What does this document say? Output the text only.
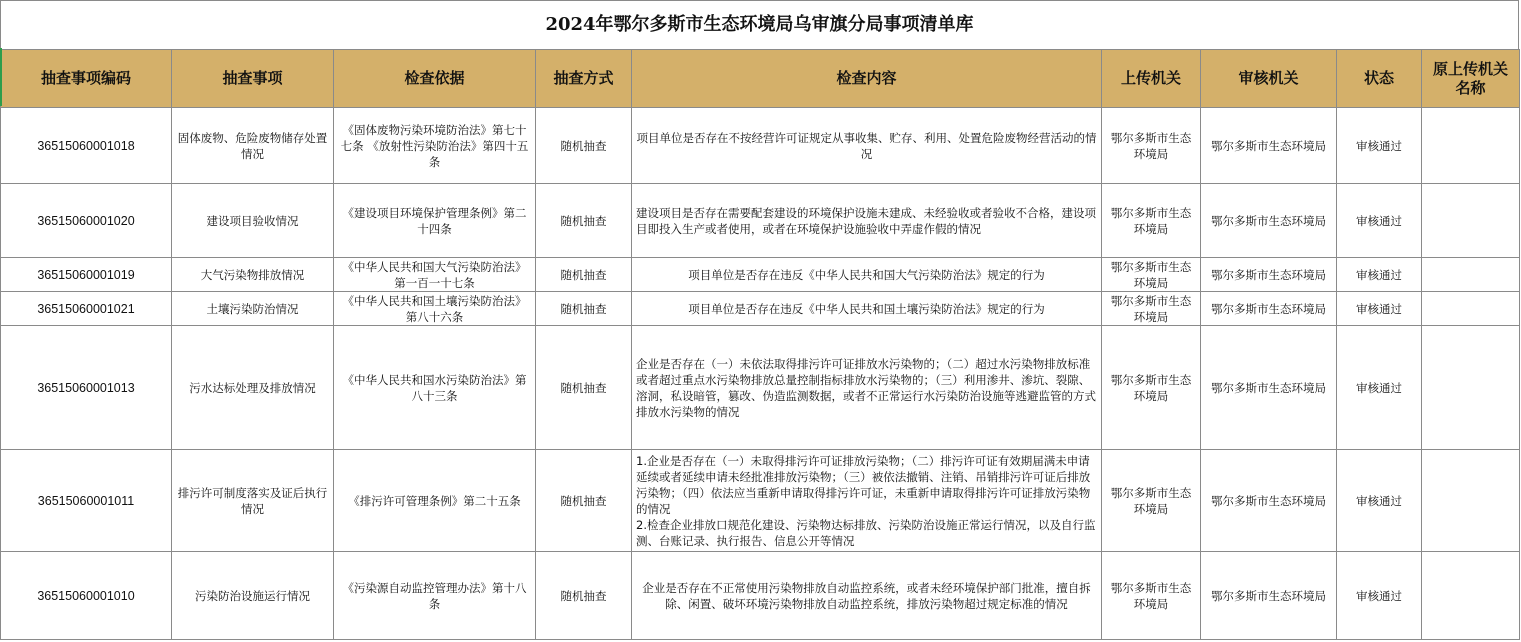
2024年鄂尔多斯市生态环境局乌审旗分局事项清单库
抽查事项编码	抽查事项	检查依据	抽查方式	检查内容	上传机关	审核机关	状态	原上传机关名称
36515060001018	固体废物、危险废物储存处置情况	《固体废物污染环境防治法》第七十七条 《放射性污染防治法》第四十五条	随机抽查	项目单位是否存在不按经营许可证规定从事收集、贮存、利用、处置危险废物经营活动的情况	鄂尔多斯市生态环境局	鄂尔多斯市生态环境局	审核通过	
36515060001020	建设项目验收情况	《建设项目环境保护管理条例》第二十四条	随机抽查	建设项目是否存在需要配套建设的环境保护设施未建成、未经验收或者验收不合格，建设项目即投入生产或者使用，或者在环境保护设施验收中弄虚作假的情况	鄂尔多斯市生态环境局	鄂尔多斯市生态环境局	审核通过	
36515060001019	大气污染物排放情况	《中华人民共和国大气污染防治法》第一百一十七条	随机抽查	项目单位是否存在违反《中华人民共和国大气污染防治法》规定的行为	鄂尔多斯市生态环境局	鄂尔多斯市生态环境局	审核通过	
36515060001021	土壤污染防治情况	《中华人民共和国土壤污染防治法》第八十六条	随机抽查	项目单位是否存在违反《中华人民共和国土壤污染防治法》规定的行为	鄂尔多斯市生态环境局	鄂尔多斯市生态环境局	审核通过	
36515060001013	污水达标处理及排放情况	《中华人民共和国水污染防治法》第八十三条	随机抽查	企业是否存在（一）未依法取得排污许可证排放水污染物的；（二）超过水污染物排放标准或者超过重点水污染物排放总量控制指标排放水污染物的；（三）利用渗井、渗坑、裂隙、溶洞，私设暗管，篡改、伪造监测数据，或者不正常运行水污染防治设施等逃避监管的方式排放水污染物的情况	鄂尔多斯市生态环境局	鄂尔多斯市生态环境局	审核通过	
36515060001011	排污许可制度落实及证后执行情况	《排污许可管理条例》第二十五条	随机抽查	1.企业是否存在（一）未取得排污许可证排放污染物；（二）排污许可证有效期届满未申请延续或者延续申请未经批准排放污染物；（三）被依法撤销、注销、吊销排污许可证后排放污染物；（四）依法应当重新申请取得排污许可证，未重新申请取得排污许可证排放污染物的情况
2.检查企业排放口规范化建设、污染物达标排放、污染防治设施正常运行情况，以及自行监测、台账记录、执行报告、信息公开等情况	鄂尔多斯市生态环境局	鄂尔多斯市生态环境局	审核通过	
36515060001010	污染防治设施运行情况	《污染源自动监控管理办法》第十八条	随机抽查	企业是否存在不正常使用污染物排放自动监控系统，或者未经环境保护部门批准，擅自拆除、闲置、破坏环境污染物排放自动监控系统，排放污染物超过规定标准的情况	鄂尔多斯市生态环境局	鄂尔多斯市生态环境局	审核通过	
